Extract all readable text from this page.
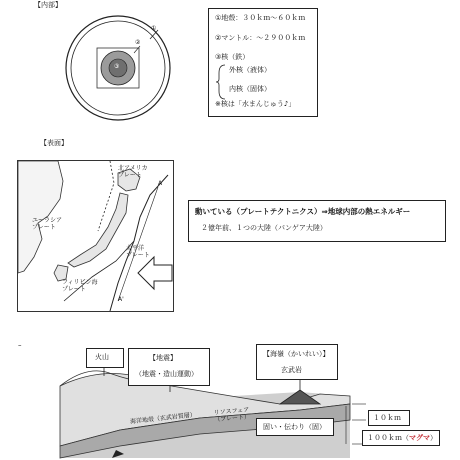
【内部】
【表面】
–
①
②
③
①地殻：３０ｋｍ〜６０ｋｍ
②マントル：〜２９００ｋｍ
③核（鉄）
外核（液体）
内核（固体）
※核は「水まんじゅう♪」
北アメリカ
プレート
ユーラシア
プレート
太平洋
プレート
フィリピン海
プレート
A
A'
動いている（プレートテクトニクス）⇒地球内部の熱エネルギー
２億年前、１つの大陸（パンゲア大陸）
火山	【地震】
（地震・造山運動）
【海嶺（かいれい）】
玄武岩
海洋地殻（玄武岩質層）
リソスフェア
（プレート）	１０ｋｍ
固い・伝わり（固）
１００ｋｍ（マグマ）
